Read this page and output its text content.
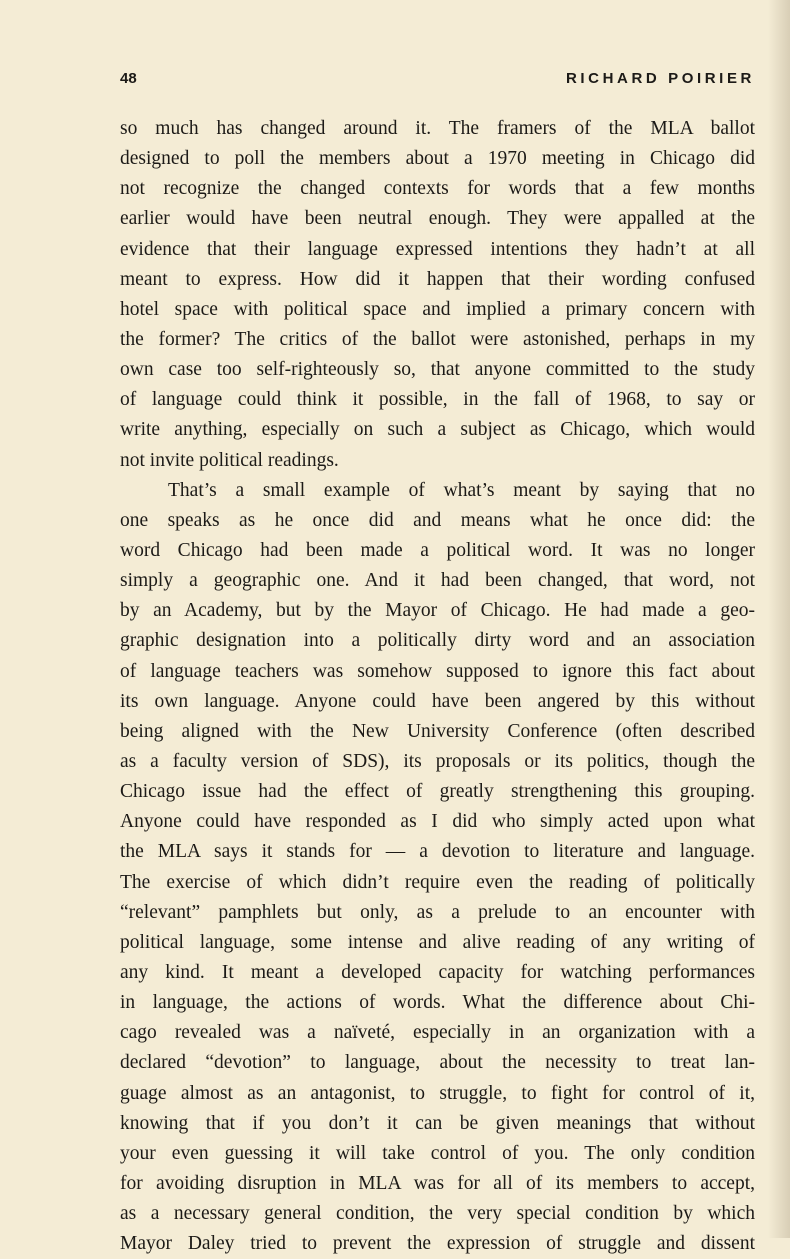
48	RICHARD POIRIER
so much has changed around it. The framers of the MLA ballot
designed to poll the members about a 1970 meeting in Chicago did
not recognize the changed contexts for words that a few months
earlier would have been neutral enough. They were appalled at the
evidence that their language expressed intentions they hadn’t at all
meant to express. How did it happen that their wording confused
hotel space with political space and implied a primary concern with
the former? The critics of the ballot were astonished, perhaps in my
own case too self-righteously so, that anyone committed to the study
of language could think it possible, in the fall of 1968, to say or
write anything, especially on such a subject as Chicago, which would
not invite political readings.
That’s a small example of what’s meant by saying that no
one speaks as he once did and means what he once did: the
word Chicago had been made a political word. It was no longer
simply a geographic one. And it had been changed, that word, not
by an Academy, but by the Mayor of Chicago. He had made a geo-
graphic designation into a politically dirty word and an association
of language teachers was somehow supposed to ignore this fact about
its own language. Anyone could have been angered by this without
being aligned with the New University Conference (often described
as a faculty version of SDS), its proposals or its politics, though the
Chicago issue had the effect of greatly strengthening this grouping.
Anyone could have responded as I did who simply acted upon what
the MLA says it stands for — a devotion to literature and language.
The exercise of which didn’t require even the reading of politically
“relevant” pamphlets but only, as a prelude to an encounter with
political language, some intense and alive reading of any writing of
any kind. It meant a developed capacity for watching performances
in language, the actions of words. What the difference about Chi-
cago revealed was a naïveté, especially in an organization with a
declared “devotion” to language, about the necessity to treat lan-
guage almost as an antagonist, to struggle, to fight for control of it,
knowing that if you don’t it can be given meanings that without
your even guessing it will take control of you. The only condition
for avoiding disruption in MLA was for all of its members to accept,
as a necessary general condition, the very special condition by which
Mayor Daley tried to prevent the expression of struggle and dissent
